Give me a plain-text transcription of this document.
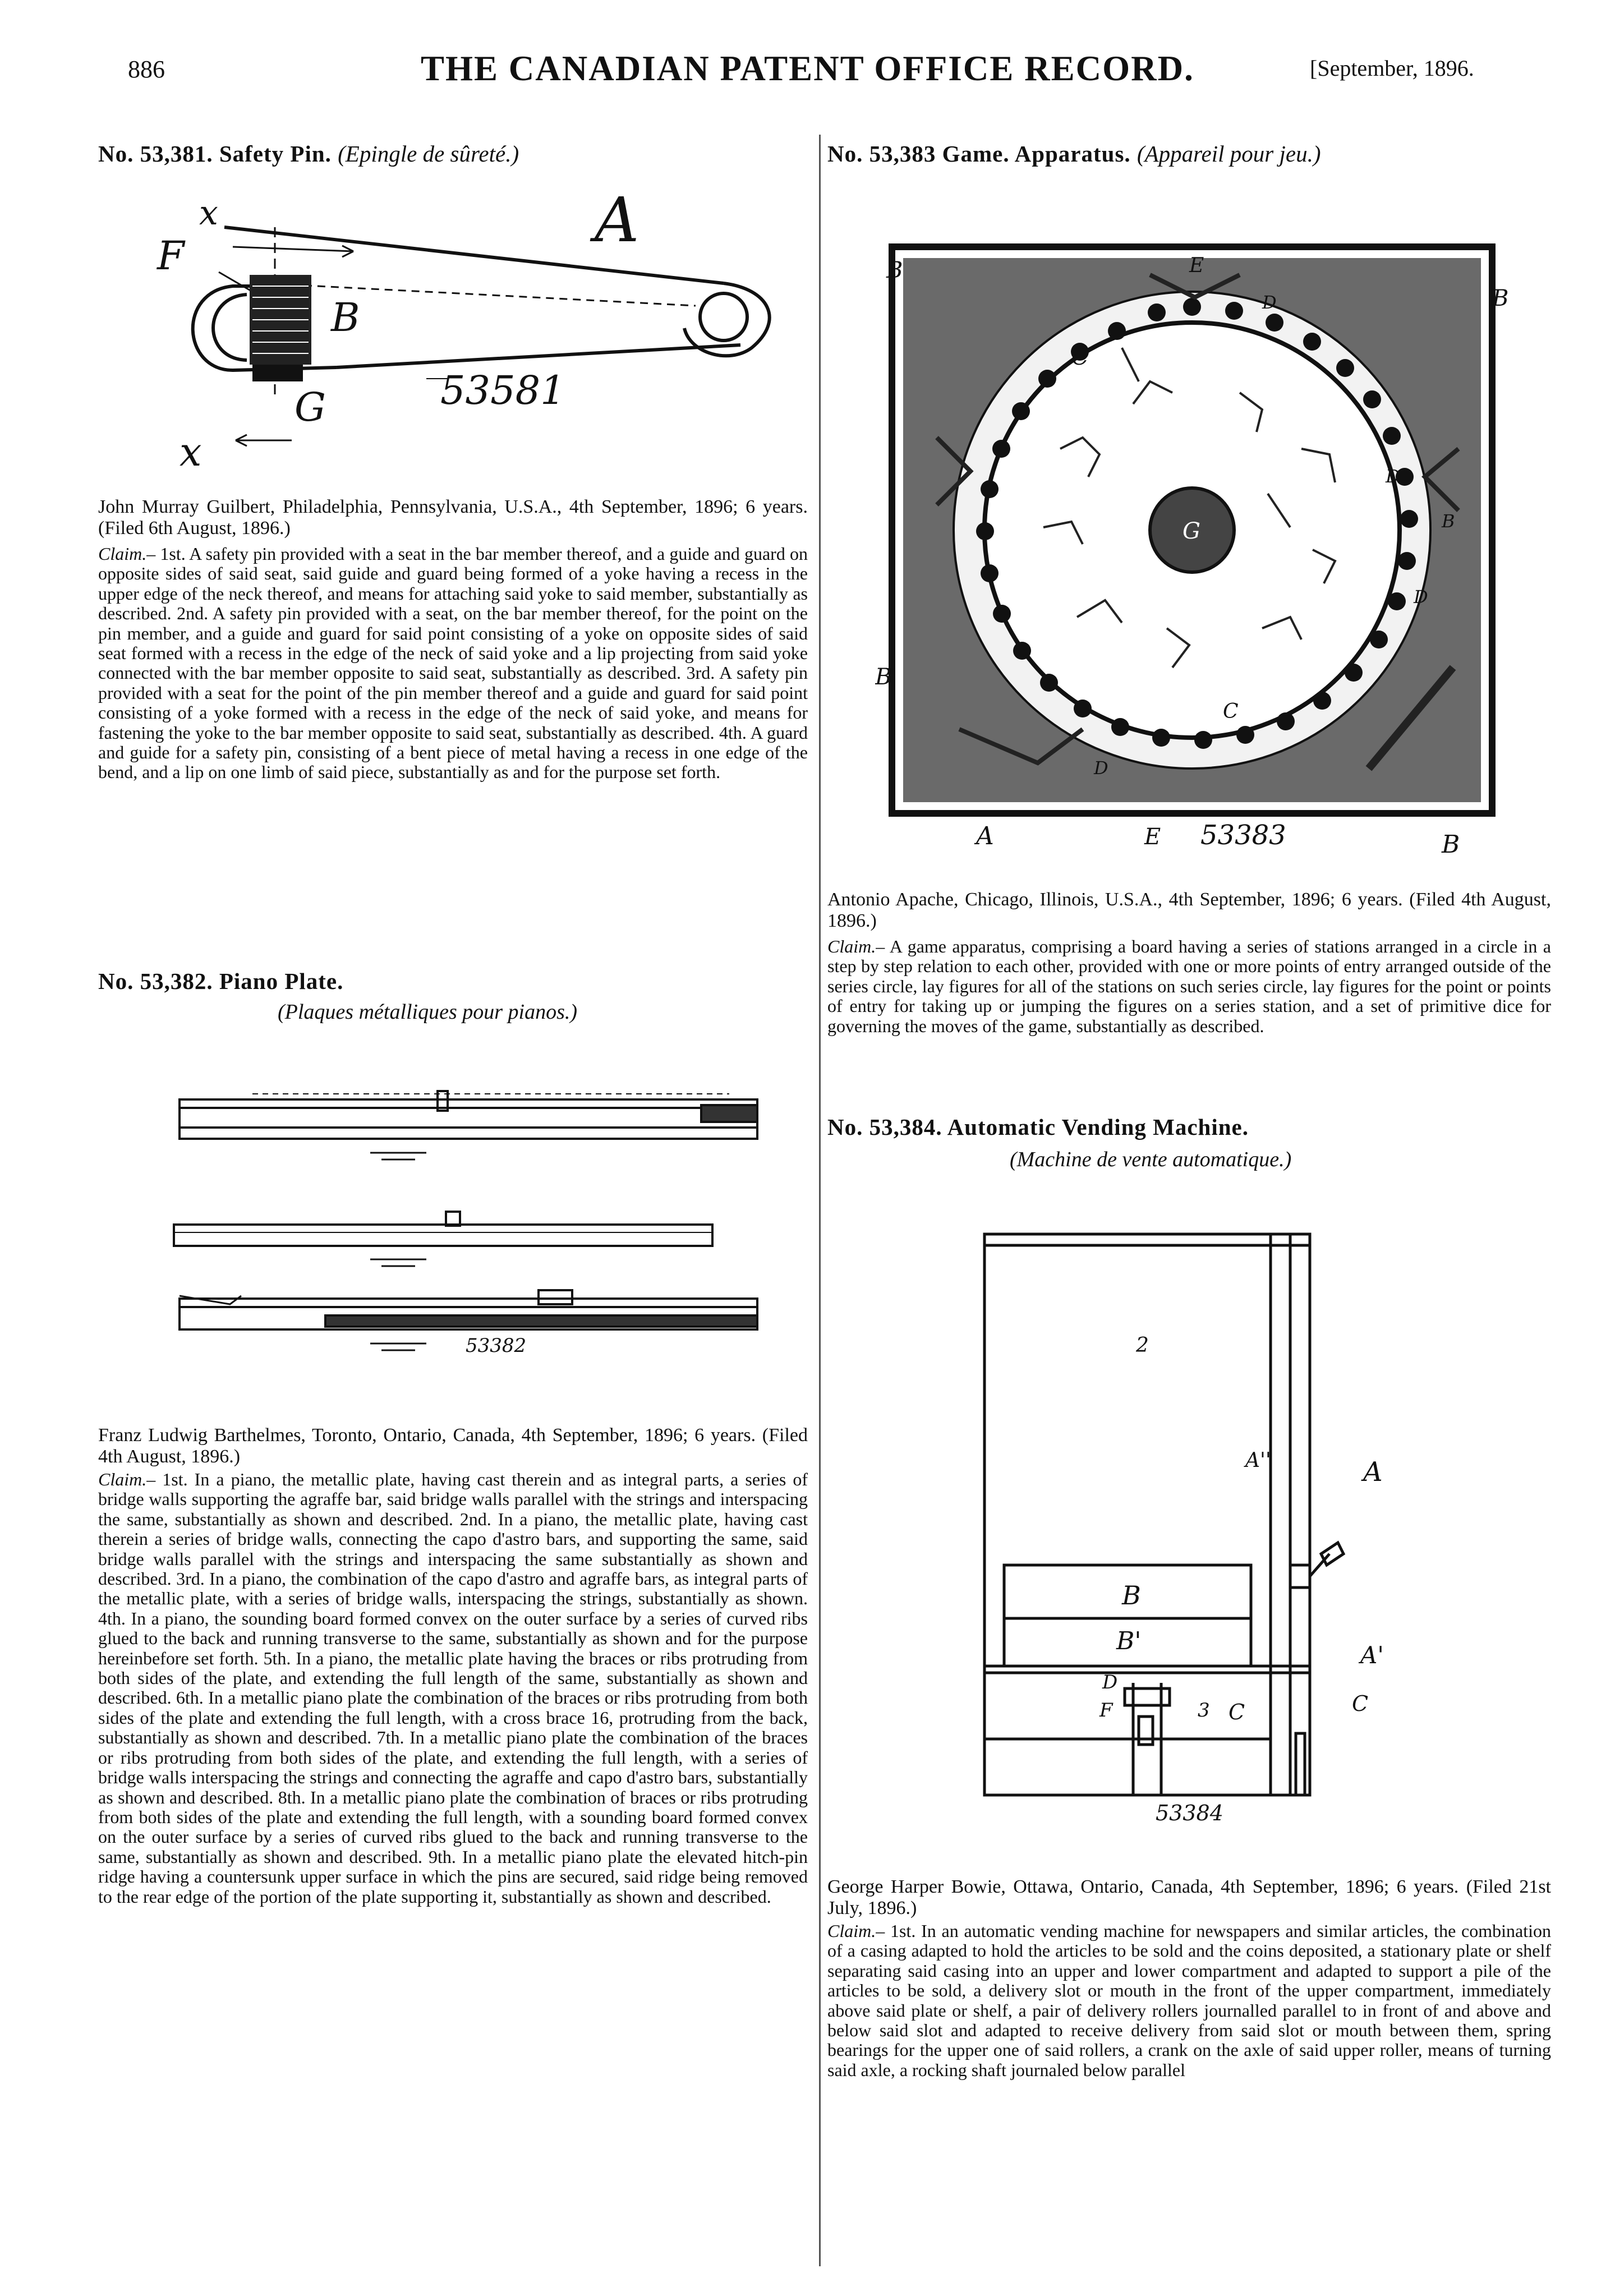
886	THE CANADIAN PATENT OFFICE RECORD.	[September, 1896.
No. 53,381. Safety Pin. (Epingle de sûreté.)
x	A
F
B
G	53581
x
John Murray Guilbert, Philadelphia, Pennsylvania, U.S.A., 4th September, 1896; 6 years. (Filed 6th August, 1896.)
Claim.– 1st. A safety pin provided with a seat in the bar member thereof, and a guide and guard on opposite sides of said seat, said guide and guard being formed of a yoke having a recess in the upper edge of the neck thereof, and means for attaching said yoke to said member, substantially as described. 2nd. A safety pin provided with a seat, on the bar member thereof, for the point on the pin member, and a guide and guard for said point consisting of a yoke on opposite sides of said seat formed with a recess in the edge of the neck of said yoke and a lip projecting from said yoke connected with the bar member opposite to said seat, substantially as described. 3rd. A safety pin provided with a seat for the point of the pin member thereof and a guide and guard for said point consisting of a yoke formed with a recess in the edge of the neck of said yoke, and means for fastening the yoke to the bar member opposite to said seat, substantially as described. 4th. A guard and guide for a safety pin, consisting of a bent piece of metal having a recess in one edge of the bend, and a lip on one limb of said piece, substantially as and for the purpose set forth.
No. 53,382. Piano Plate.
(Plaques métalliques pour pianos.)
53382
Franz Ludwig Barthelmes, Toronto, Ontario, Canada, 4th September, 1896; 6 years. (Filed 4th August, 1896.)
Claim.– 1st. In a piano, the metallic plate, having cast therein and as integral parts, a series of bridge walls supporting the agraffe bar, said bridge walls parallel with the strings and interspacing the same, substantially as shown and described. 2nd. In a piano, the metallic plate, having cast therein a series of bridge walls, connecting the capo d'astro bars, and supporting the same, said bridge walls parallel with the strings and interspacing the same substantially as shown and described. 3rd. In a piano, the combination of the capo d'astro and agraffe bars, as integral parts of the metallic plate, with a series of bridge walls, interspacing the strings, substantially as shown. 4th. In a piano, the sounding board formed convex on the outer surface by a series of curved ribs glued to the back and running transverse to the same, substantially as shown and for the purpose hereinbefore set forth. 5th. In a piano, the metallic plate having the braces or ribs protruding from both sides of the plate, and extending the full length of the same, substantially as shown and described. 6th. In a metallic piano plate the combination of the braces or ribs protruding from both sides of the plate and extending the full length, with a cross brace 16, protruding from the back, substantially as shown and described. 7th. In a metallic piano plate the combination of the braces or ribs protruding from both sides of the plate, and extending the full length, with a series of bridge walls interspacing the strings and connecting the agraffe and capo d'astro bars, substantially as shown and described. 8th. In a metallic piano plate the combination of braces or ribs protruding from both sides of the plate and extending the full length, with a sounding board formed convex on the outer surface by a series of curved ribs glued to the back and running transverse to the same, substantially as shown and described. 9th. In a metallic piano plate the elevated hitch-pin ridge having a countersunk upper surface in which the pins are secured, said ridge being removed to the rear edge of the portion of the plate supporting it, substantially as shown and described.
No. 53,383 Game. Apparatus. (Appareil pour jeu.)
B
B
E
D
C
G
D
B
D
B
C
D
A	E 53383	B
Antonio Apache, Chicago, Illinois, U.S.A., 4th September, 1896; 6 years. (Filed 4th August, 1896.)
Claim.– A game apparatus, comprising a board having a series of stations arranged in a circle in a step by step relation to each other, provided with one or more points of entry arranged outside of the series circle, lay figures for all of the stations on such series circle, lay figures for the point or points of entry for taking up or jumping the figures on a series station, and a set of primitive dice for governing the moves of the game, substantially as described.
No. 53,384. Automatic Vending Machine.
(Machine de vente automatique.)
2
A''	A
B
B'	A'
D
3 C	C
F
53384
George Harper Bowie, Ottawa, Ontario, Canada, 4th September, 1896; 6 years. (Filed 21st July, 1896.)
Claim.– 1st. In an automatic vending machine for newspapers and similar articles, the combination of a casing adapted to hold the articles to be sold and the coins deposited, a stationary plate or shelf separating said casing into an upper and lower compartment and adapted to support a pile of the articles to be sold, a delivery slot or mouth in the front of the upper compartment, immediately above said plate or shelf, a pair of delivery rollers journalled parallel to in front of and above and below said slot and adapted to receive delivery from said slot or mouth between them, spring bearings for the upper one of said rollers, a crank on the axle of said upper roller, means of turning said axle, a rocking shaft journaled below parallel
